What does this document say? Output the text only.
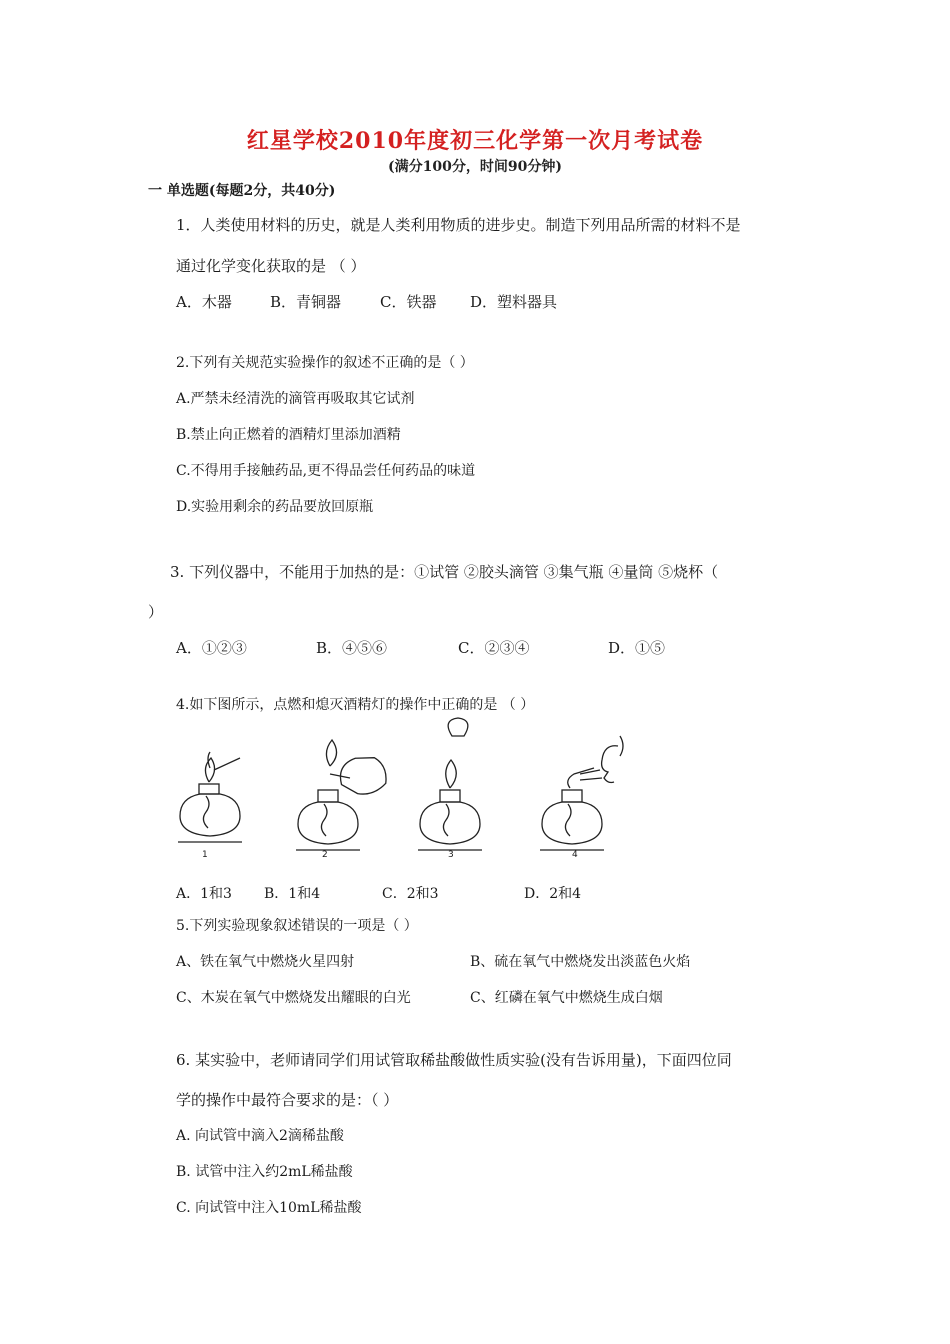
红星学校2010年度初三化学第一次月考试卷
(满分100分，时间90分钟)
一 单选题(每题2分，共40分)
1．人类使用材料的历史，就是人类利用物质的进步史。制造下列用品所需的材料不是
通过化学变化获取的是 （ ）
A．木器	B．青铜器	C．铁器 D．塑料器具
2.下列有关规范实验操作的叙述不正确的是（ ）
A.严禁未经清洗的滴管再吸取其它试剂
B.禁止向正燃着的酒精灯里添加酒精
C.不得用手接触药品,更不得品尝任何药品的味道
D.实验用剩余的药品要放回原瓶
3. 下列仪器中，不能用于加热的是：①试管 ②胶头滴管 ③集气瓶 ④量筒 ⑤烧杯（
）
A．①②③	B．④⑤⑥	C．②③④	D．①⑤
4.如下图所示，点燃和熄灭酒精灯的操作中正确的是 （ ）
1	2	3	4
A．1和3 B．1和4	C．2和3	D．2和4
5.下列实验现象叙述错误的一项是（ ）
A、铁在氧气中燃烧火星四射	B、硫在氧气中燃烧发出淡蓝色火焰
C、木炭在氧气中燃烧发出耀眼的白光	C、红磷在氧气中燃烧生成白烟
6. 某实验中，老师请同学们用试管取稀盐酸做性质实验(没有告诉用量)，下面四位同
学的操作中最符合要求的是：（ ）
A. 向试管中滴入2滴稀盐酸
B. 试管中注入约2mL稀盐酸
C. 向试管中注入10mL稀盐酸
